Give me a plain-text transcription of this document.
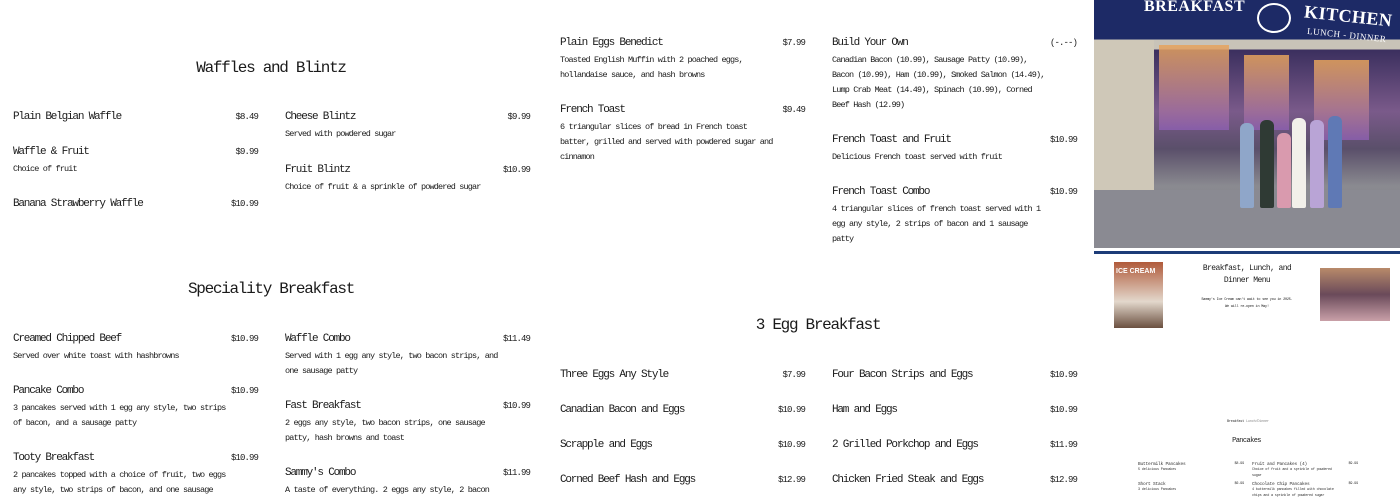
Waffles and Blintz
Speciality Breakfast
3 Egg Breakfast
Plain Belgian Waffle	$8.49
Waffle & Fruit	$9.99
Choice of fruit
Banana Strawberry Waffle	$10.99
Cheese Blintz	$9.99
Served with powdered sugar
Fruit Blintz	$10.99
Choice of fruit & a sprinkle of powdered sugar
Creamed Chipped Beef	$10.99
Served over white toast with hashbrowns
Pancake Combo	$10.99
3 pancakes served with 1 egg any style, two strips of bacon, and a sausage patty
Tooty Breakfast	$10.99
2 pancakes topped with a choice of fruit, two eggs any style, two strips of bacon, and one sausage
Waffle Combo	$11.49
Served with 1 egg any style, two bacon strips, and one sausage patty
Fast Breakfast	$10.99
2 eggs any style, two bacon strips, one sausage patty, hash browns and toast
Sammy's Combo	$11.99
A taste of everything. 2 eggs any style, 2 bacon
Plain Eggs Benedict	$7.99
Toasted English Muffin with 2 poached eggs, hollandaise sauce, and hash browns
French Toast	$9.49
6 triangular slices of bread in French toast batter, grilled and served with powdered sugar and cinnamon
Build Your Own	(-.--)
Canadian Bacon (10.99), Sausage Patty (10.99), Bacon (10.99), Ham (10.99), Smoked Salmon (14.49), Lump Crab Meat (14.49), Spinach (10.99), Corned Beef Hash (12.99)
French Toast and Fruit	$10.99
Delicious French toast served with fruit
French Toast Combo	$10.99
4 triangular slices of french toast served with 1 egg any style, 2 strips of bacon and 1 sausage patty
Three Eggs Any Style	$7.99
Canadian Bacon and Eggs	$10.99
Scrapple and Eggs	$10.99
Corned Beef Hash and Eggs	$12.99
Four Bacon Strips and Eggs	$10.99
Ham and Eggs	$10.99
2 Grilled Porkchop and Eggs	$11.99
Chicken Fried Steak and Eggs	$12.99
BREAKFAST	KITCHEN
LUNCH - DINNER
ICE CREAM	Breakfast, Lunch, and Dinner Menu
Sammy's Ice Cream can't wait to see you in 2025. We will re-open in May!
Breakfast Lunch/Dinner
Pancakes
Buttermilk Pancakes	$8.99
5 delicious Pancakes
Short Stack	$6.99
3 delicious Pancakes
Fruit and Pancakes (4)	$9.99
Choice of fruit and a sprinkle of powdered sugar
Chocolate Chip Pancakes	$9.99
4 buttermilk pancakes filled with chocolate chips and a sprinkle of powdered sugar
